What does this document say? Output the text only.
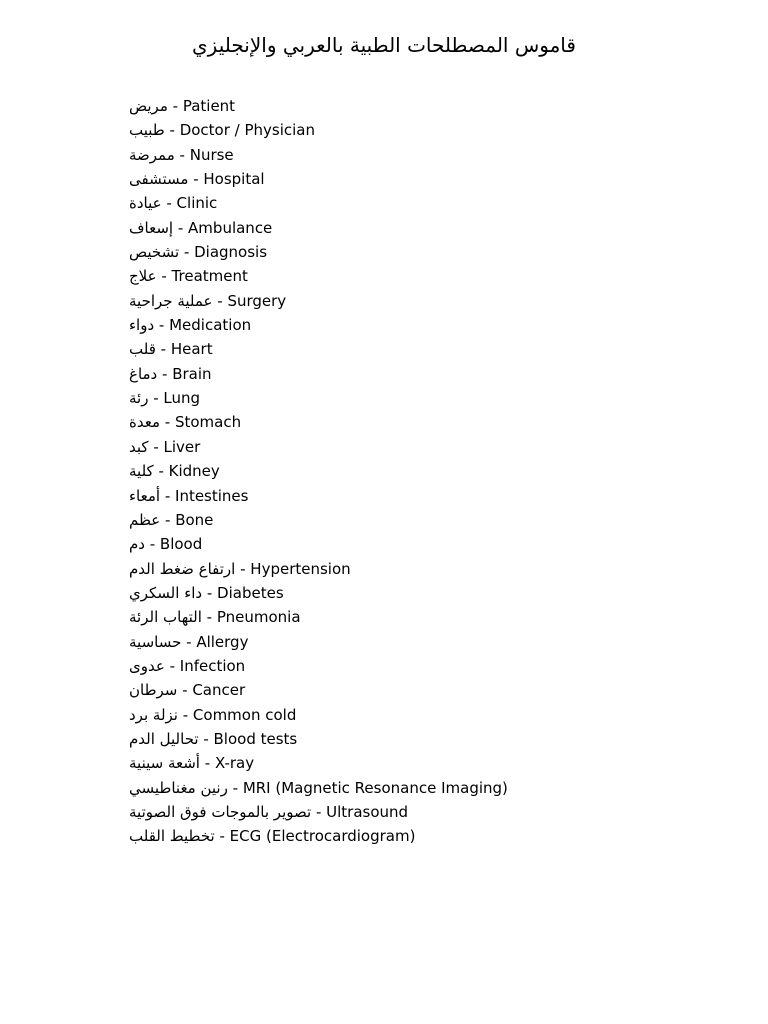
قاموس المصطلحات الطبية بالعربي والإنجليزي
مريض - Patient
طبيب - Doctor / Physician
ممرضة - Nurse
مستشفى - Hospital
عيادة - Clinic
إسعاف - Ambulance
تشخيص - Diagnosis
علاج - Treatment
عملية جراحية - Surgery
دواء - Medication
قلب - Heart
دماغ - Brain
رئة - Lung
معدة - Stomach
كبد - Liver
كلية - Kidney
أمعاء - Intestines
عظم - Bone
دم - Blood
ارتفاع ضغط الدم - Hypertension
داء السكري - Diabetes
التهاب الرئة - Pneumonia
حساسية - Allergy
عدوى - Infection
سرطان - Cancer
نزلة برد - Common cold
تحاليل الدم - Blood tests
أشعة سينية - X-ray
رنين مغناطيسي - MRI (Magnetic Resonance Imaging)
تصوير بالموجات فوق الصوتية - Ultrasound
تخطيط القلب - ECG (Electrocardiogram)
